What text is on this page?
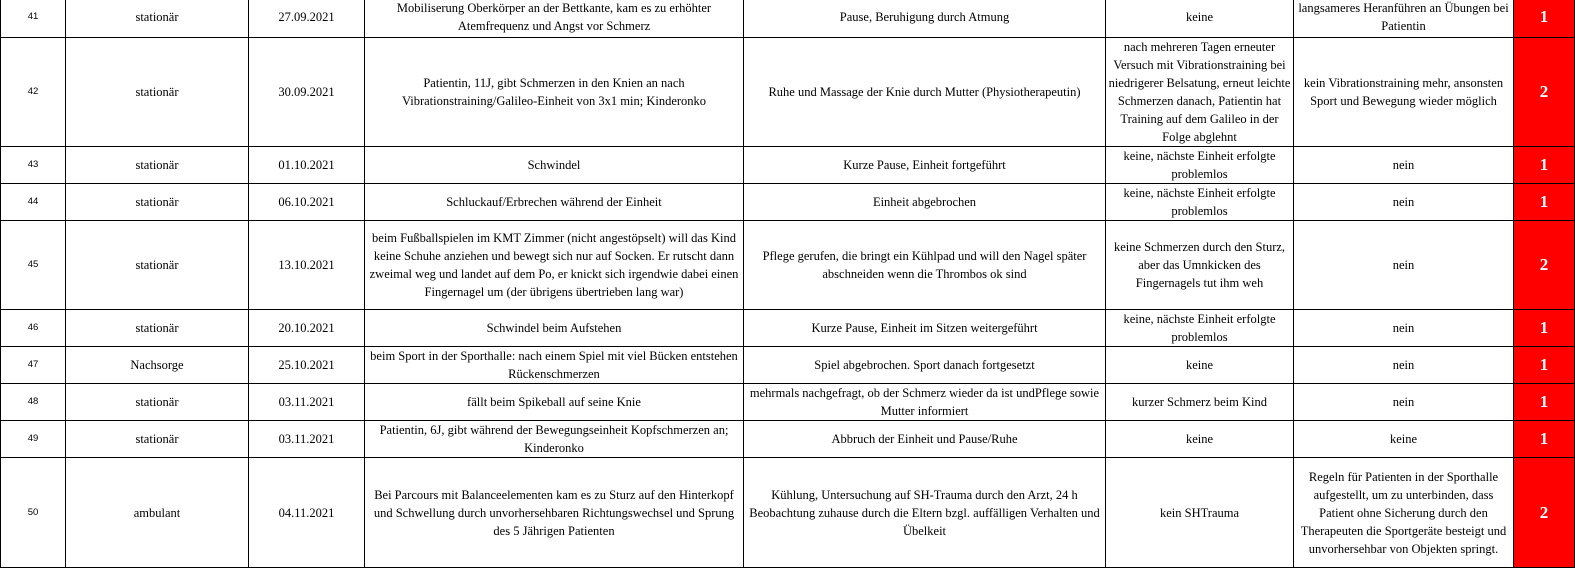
41	stationär	27.09.2021	Mobiliserung Oberkörper an der Bettkante, kam es zu erhöhter Atemfrequenz und Angst vor Schmerz	Pause, Beruhigung durch Atmung	keine	langsameres Heranführen an Übungen bei Patientin	1
42	stationär	30.09.2021	Patientin, 11J, gibt Schmerzen in den Knien an nach Vibrationstraining/Galileo-Einheit von 3x1 min; Kinderonko	Ruhe und Massage der Knie durch Mutter (Physiotherapeutin)	nach mehreren Tagen erneuter Versuch mit Vibrationstraining bei niedrigerer Belsatung, erneut leichte Schmerzen danach, Patientin hat Training auf dem Galileo in der Folge abglehnt	kein Vibrationstraining mehr, ansonsten Sport und Bewegung wieder möglich	2
43	stationär	01.10.2021	Schwindel	Kurze Pause, Einheit fortgeführt	keine, nächste Einheit erfolgte problemlos	nein	1
44	stationär	06.10.2021	Schluckauf/Erbrechen während der Einheit	Einheit abgebrochen	keine, nächste Einheit erfolgte problemlos	nein	1
45	stationär	13.10.2021	beim Fußballspielen im KMT Zimmer (nicht angestöpselt) will das Kind keine Schuhe anziehen und bewegt sich nur auf Socken. Er rutscht dann zweimal weg und landet auf dem Po, er knickt sich irgendwie dabei einen Fingernagel um (der übrigens übertrieben lang war)	Pflege gerufen, die bringt ein Kühlpad und will den Nagel später abschneiden wenn die Thrombos ok sind	keine Schmerzen durch den Sturz, aber das Umnkicken des Fingernagels tut ihm weh	nein	2
46	stationär	20.10.2021	Schwindel beim Aufstehen	Kurze Pause, Einheit im Sitzen weitergeführt	keine, nächste Einheit erfolgte problemlos	nein	1
47	Nachsorge	25.10.2021	beim Sport in der Sporthalle: nach einem Spiel mit viel Bücken entstehen Rückenschmerzen	Spiel abgebrochen. Sport danach fortgesetzt	keine	nein	1
48	stationär	03.11.2021	fällt beim Spikeball auf seine Knie	mehrmals nachgefragt, ob der Schmerz wieder da ist undPflege sowie Mutter informiert	kurzer Schmerz beim Kind	nein	1
49	stationär	03.11.2021	Patientin, 6J, gibt während der Bewegungseinheit Kopfschmerzen an; Kinderonko	Abbruch der Einheit und Pause/Ruhe	keine	keine	1
50	ambulant	04.11.2021	Bei Parcours mit Balanceelementen kam es zu Sturz auf den Hinterkopf und Schwellung durch unvorhersehbaren Richtungswechsel und Sprung des 5 Jährigen Patienten	Kühlung, Untersuchung auf SH-Trauma durch den Arzt, 24 h Beobachtung zuhause durch die Eltern bzgl. auffälligen Verhalten und Übelkeit	kein SHTrauma	Regeln für Patienten in der Sporthalle aufgestellt, um zu unterbinden, dass Patient ohne Sicherung durch den Therapeuten die Sportgeräte besteigt und unvorhersehbar von Objekten springt.	2
